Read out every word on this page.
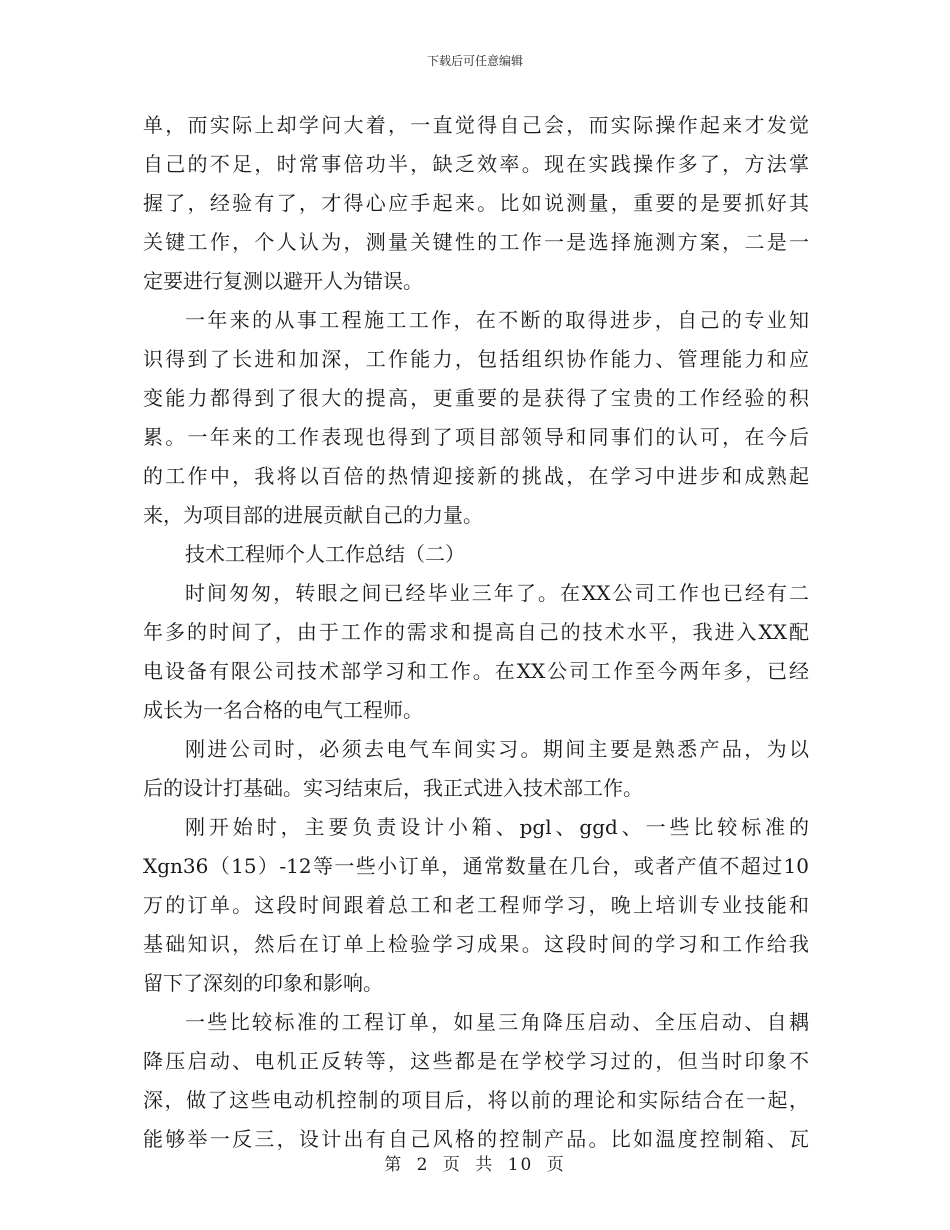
下载后可任意编辑
单，而实际上却学问大着，一直觉得自己会，而实际操作起来才发觉
自己的不足，时常事倍功半，缺乏效率。现在实践操作多了，方法掌
握了，经验有了，才得心应手起来。比如说测量，重要的是要抓好其
关键工作，个人认为，测量关键性的工作一是选择施测方案，二是一
定要进行复测以避开人为错误。
一年来的从事工程施工工作，在不断的取得进步，自己的专业知
识得到了长进和加深，工作能力，包括组织协作能力、管理能力和应
变能力都得到了很大的提高，更重要的是获得了宝贵的工作经验的积
累。一年来的工作表现也得到了项目部领导和同事们的认可，在今后
的工作中，我将以百倍的热情迎接新的挑战，在学习中进步和成熟起
来，为项目部的进展贡献自己的力量。
技术工程师个人工作总结（二）
时间匆匆，转眼之间已经毕业三年了。在XX公司工作也已经有二
年多的时间了，由于工作的需求和提高自己的技术水平，我进入XX配
电设备有限公司技术部学习和工作。在XX公司工作至今两年多，已经
成长为一名合格的电气工程师。
刚进公司时，必须去电气车间实习。期间主要是熟悉产品，为以
后的设计打基础。实习结束后，我正式进入技术部工作。
刚开始时，主要负责设计小箱、pgl、ggd、一些比较标准的
Xgn36（15）-12等一些小订单，通常数量在几台，或者产值不超过10
万的订单。这段时间跟着总工和老工程师学习，晚上培训专业技能和
基础知识，然后在订单上检验学习成果。这段时间的学习和工作给我
留下了深刻的印象和影响。
一些比较标准的工程订单，如星三角降压启动、全压启动、自耦
降压启动、电机正反转等，这些都是在学校学习过的，但当时印象不
深，做了这些电动机控制的项目后，将以前的理论和实际结合在一起，
能够举一反三，设计出有自己风格的控制产品。比如温度控制箱、瓦
第 2 页 共 10 页
